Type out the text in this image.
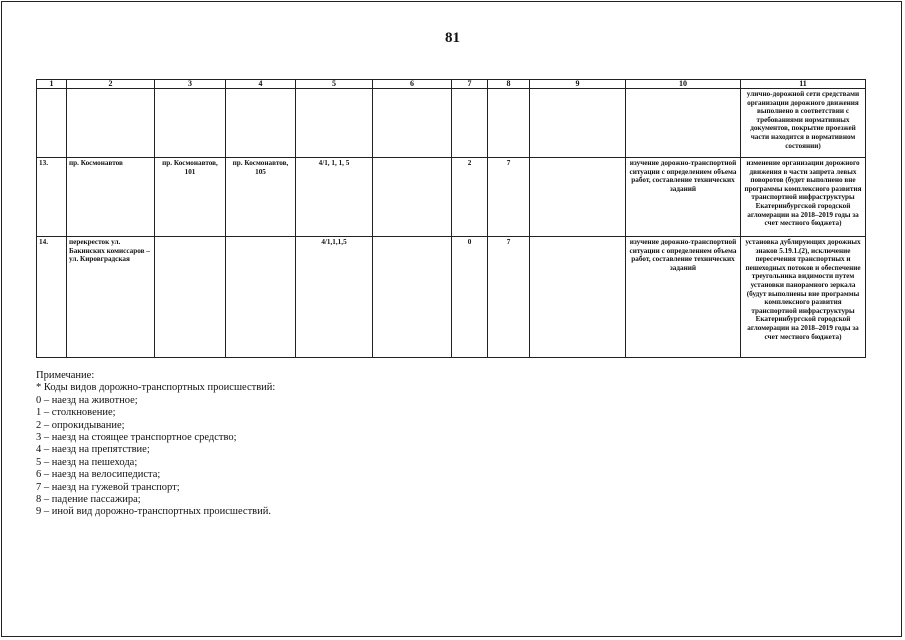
81
1	2	3	4	5	6	7	8	9	10	11
										улично-дорожной сети средствами организации дорожного движения выполнено в соответствии с требованиями нормативных документов, покрытие проезжей части находится в нормативном состоянии)
13.	пр. Космонавтов	пр. Космонавтов, 101	пр. Космонавтов, 105	4/1, 1, 1, 5		2	7		изучение дорожно-транспортной ситуации с определением объема работ, составление технических заданий	изменение организации дорожного движения в части запрета левых поворотов (будет выполнено вне программы комплексного развития транспортной инфраструктуры Екатеринбургской городской агломерации на 2018–2019 годы за счет местного бюджета)
14.	перекресток ул. Бакинских комиссаров – ул. Кировградская			4/1,1,1,5		0	7		изучение дорожно-транспортной ситуации с определением объема работ, составление технических заданий	установка дублирующих дорожных знаков 5.19.1.(2), исключение пересечения транспортных и пешеходных потоков и обеспечение треугольника видимости путем установки панорамного зеркала (будут выполнены вне программы комплексного развития транспортной инфраструктуры Екатеринбургской городской агломерации на 2018–2019 годы за счет местного бюджета)
Примечание:
* Коды видов дорожно-транспортных происшествий:
0 – наезд на животное;
1 – столкновение;
2 – опрокидывание;
3 – наезд на стоящее транспортное средство;
4 – наезд на препятствие;
5 – наезд на пешехода;
6 – наезд на велосипедиста;
7 – наезд на гужевой транспорт;
8 – падение пассажира;
9 – иной вид дорожно-транспортных происшествий.
